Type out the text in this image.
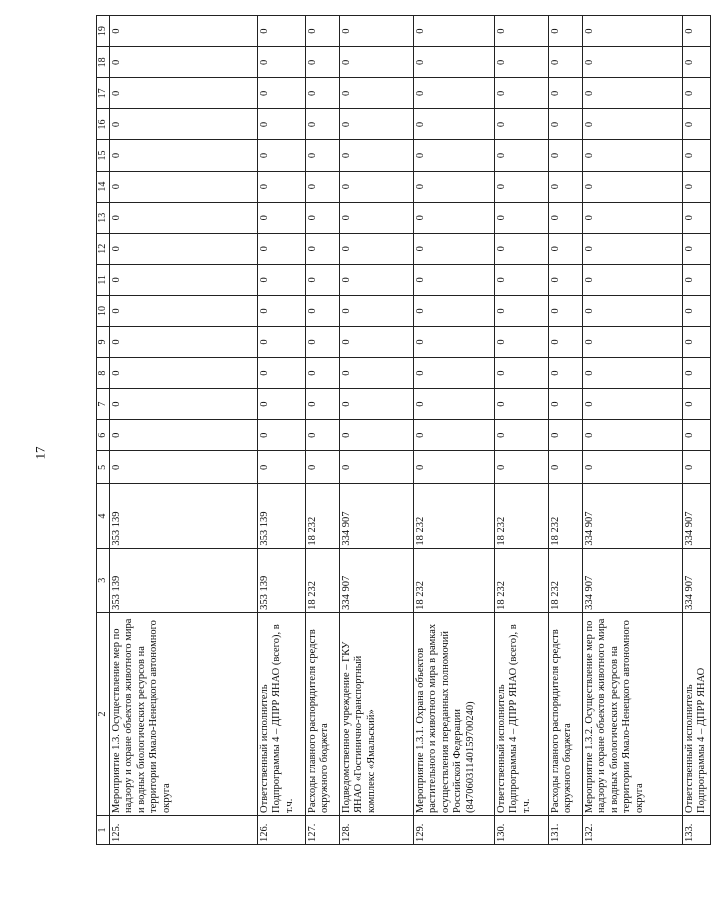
17
1	2	3	4	5	6	7	8	9	10	11	12	13	14	15	16	17	18	19
125.	Мероприятие 1.3. Осуществление мер по надзору и охране объектов животного мира и водных биологических ресурсов на территории Ямало-Ненецкого автономного округа	353 139	353 139	0	0	0	0	0	0	0	0	0	0	0	0	0	0	0
126.	Ответственный исполнитель Подпрограммы 4 – ДПРР ЯНАО (всего), в т.ч.	353 139	353 139	0	0	0	0	0	0	0	0	0	0	0	0	0	0	0
127.	Расходы главного распорядителя средств окружного бюджета	18 232	18 232	0	0	0	0	0	0	0	0	0	0	0	0	0	0	0
128.	Подведомственное учреждение – ГКУ ЯНАО «Гостинично-транспортный комплекс «Ямальский»	334 907	334 907	0	0	0	0	0	0	0	0	0	0	0	0	0	0	0
129.	Мероприятие 1.3.1. Охрана объектов растительного и животного мира в рамках осуществления переданных полномочий Российской Федерации (84706031140159700240)	18 232	18 232	0	0	0	0	0	0	0	0	0	0	0	0	0	0	0
130.	Ответственный исполнитель Подпрограммы 4 – ДПРР ЯНАО (всего), в т.ч.	18 232	18 232	0	0	0	0	0	0	0	0	0	0	0	0	0	0	0
131.	Расходы главного распорядителя средств окружного бюджета	18 232	18 232	0	0	0	0	0	0	0	0	0	0	0	0	0	0	0
132.	Мероприятие 1.3.2. Осуществление мер по надзору и охране объектов животного мира и водных биологических ресурсов на территории Ямало-Ненецкого автономного округа	334 907	334 907	0	0	0	0	0	0	0	0	0	0	0	0	0	0	0
133.	Ответственный исполнитель Подпрограммы 4 – ДПРР ЯНАО	334 907	334 907	0	0	0	0	0	0	0	0	0	0	0	0	0	0	0
